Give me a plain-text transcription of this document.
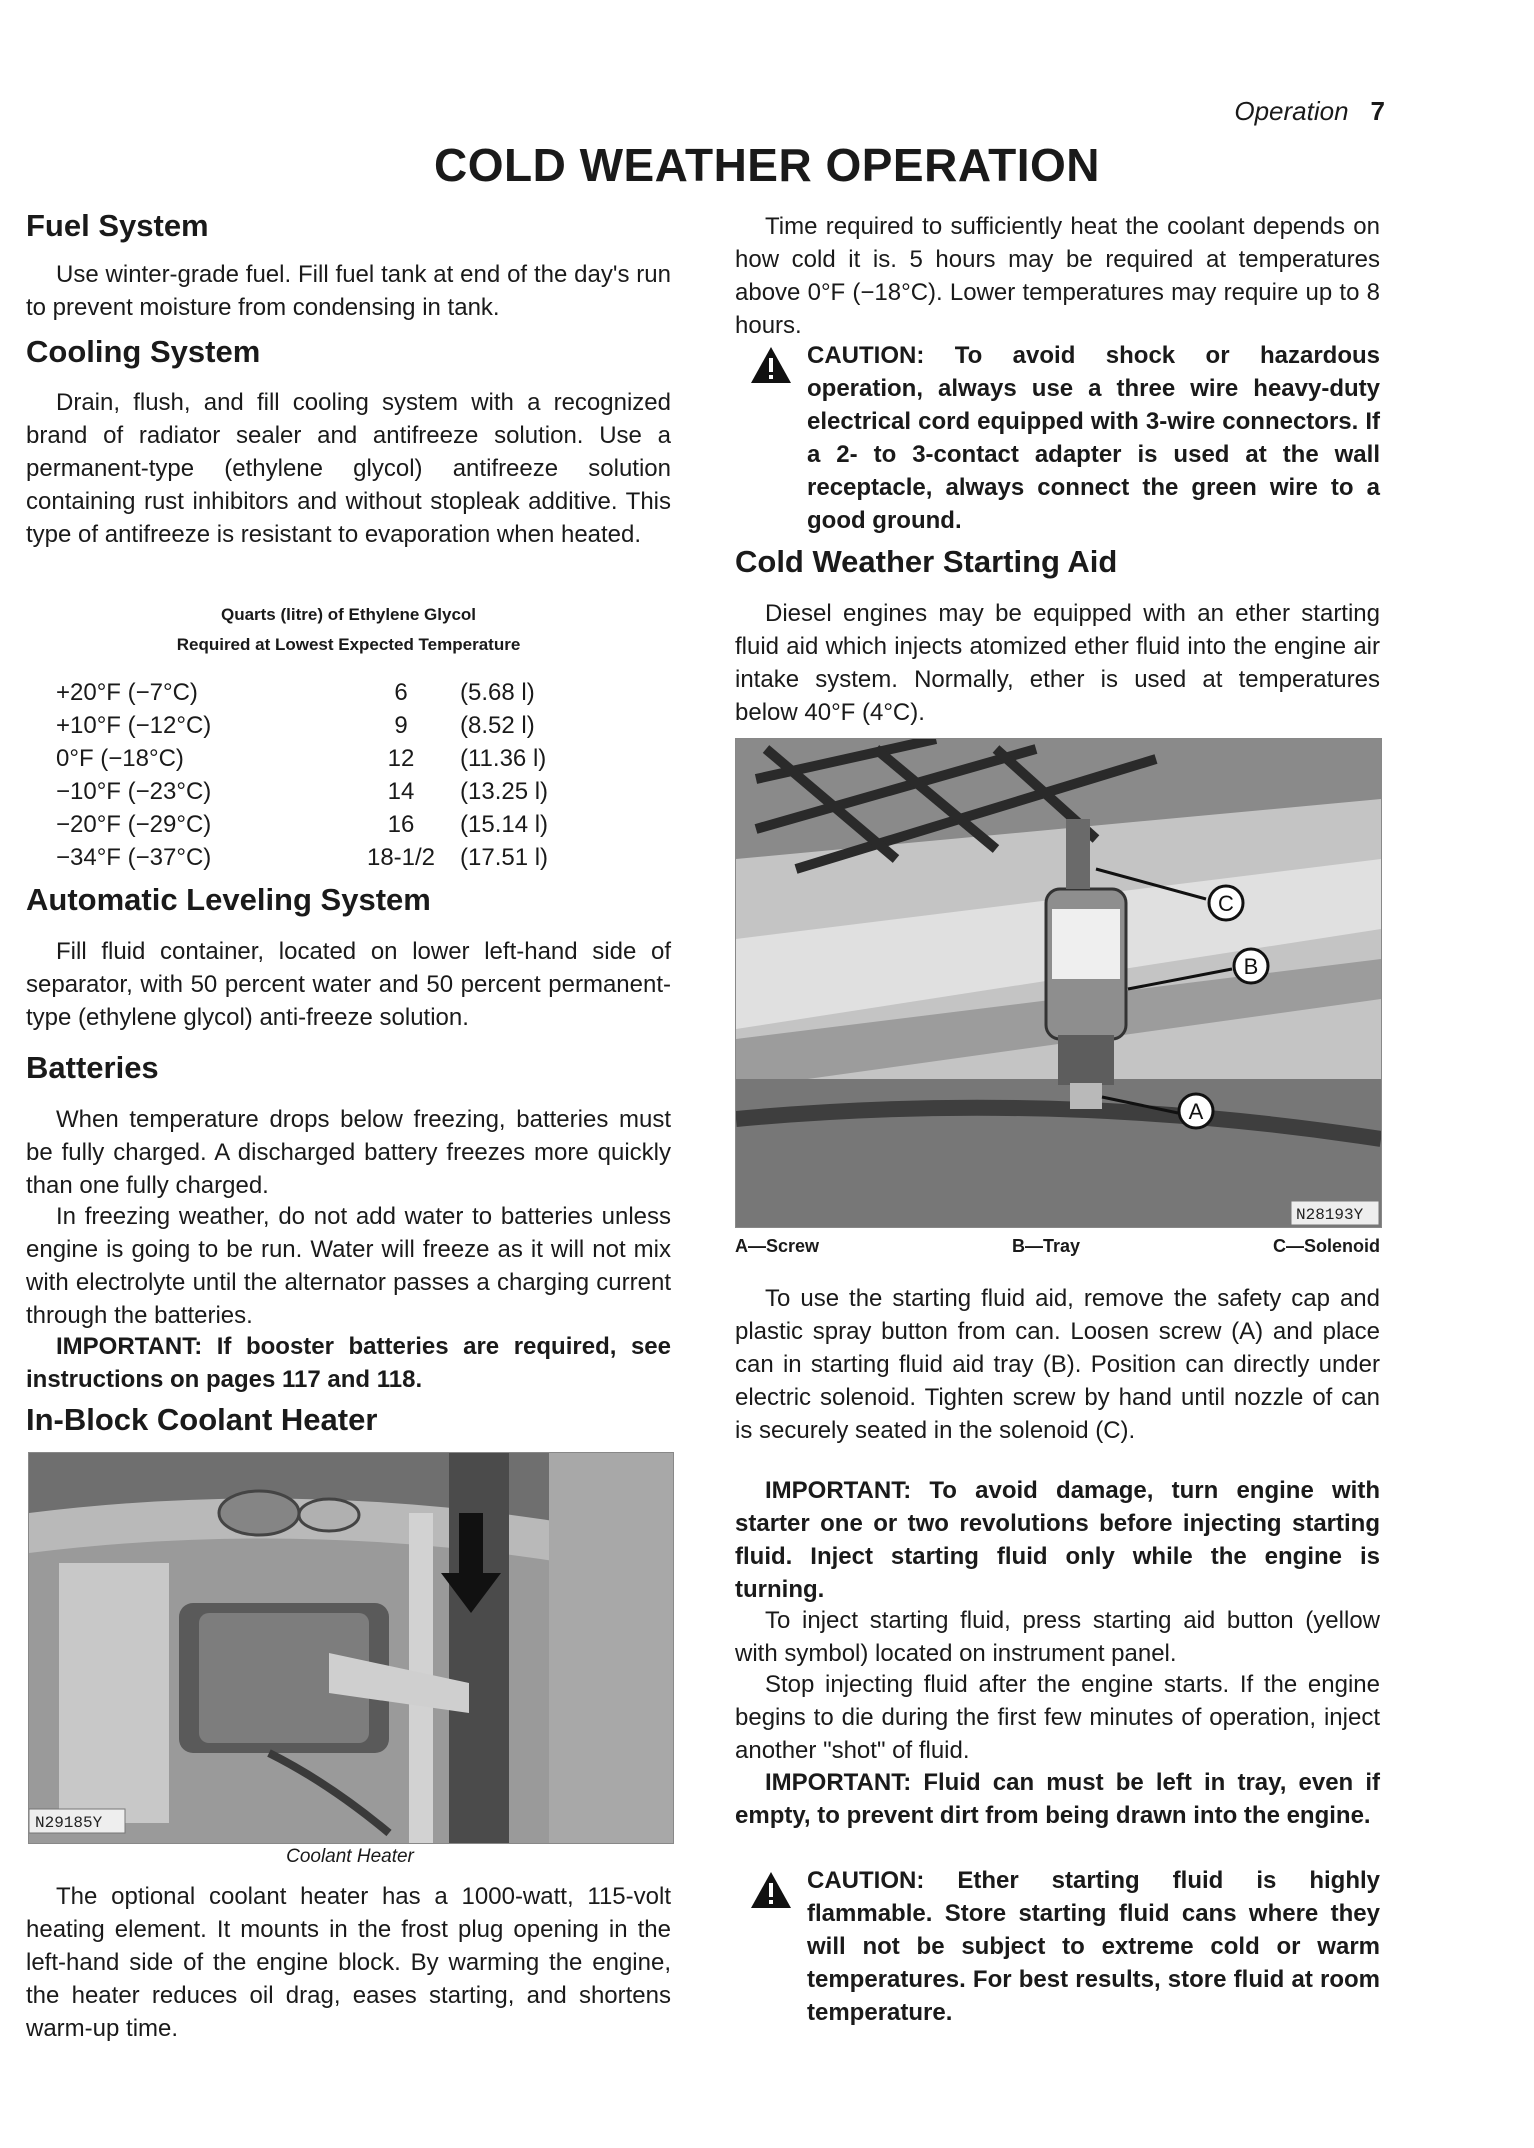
Operation 7
COLD WEATHER OPERATION
Fuel System

Use winter-grade fuel. Fill fuel tank at end of the day's run to prevent moisture from condensing in tank.

Cooling System

Drain, flush, and fill cooling system with a recognized brand of radiator sealer and antifreeze solution. Use a permanent-type (ethylene glycol) antifreeze solution containing rust inhibitors and without stopleak additive. This type of antifreeze is resistant to evaporation when heated.

Quarts (litre) of Ethylene Glycol
Required at Lowest Expected Temperature
+20°F (−7°C)	6	(5.68 l)
+10°F (−12°C)	9	(8.52 l)
0°F (−18°C)	12	(11.36 l)
−10°F (−23°C)	14	(13.25 l)
−20°F (−29°C)	16	(15.14 l)
−34°F (−37°C)	18-1/2	(17.51 l)
Automatic Leveling System

Fill fluid container, located on lower left-hand side of separator, with 50 percent water and 50 percent permanent-type (ethylene glycol) anti-freeze solution.

Batteries

When temperature drops below freezing, batteries must be fully charged. A discharged battery freezes more quickly than one fully charged.

In freezing weather, do not add water to batteries unless engine is going to be run. Water will freeze as it will not mix with electrolyte until the alternator passes a charging current through the batteries.

IMPORTANT: If booster batteries are required, see instructions on pages 117 and 118.

In-Block Coolant Heater
N29185Y
Coolant Heater

The optional coolant heater has a 1000-watt, 115-volt heating element. It mounts in the frost plug opening in the left-hand side of the engine block. By warming the engine, the heater reduces oil drag, eases starting, and shortens warm-up time.

Time required to sufficiently heat the coolant depends on how cold it is. 5 hours may be required at temperatures above 0°F (−18°C). Lower temperatures may require up to 8 hours.

CAUTION: To avoid shock or hazardous operation, always use a three wire heavy-duty electrical cord equipped with 3-wire connectors. If a 2- to 3-contact adapter is used at the wall receptacle, always connect the green wire to a good ground.

Cold Weather Starting Aid

Diesel engines may be equipped with an ether starting fluid aid which injects atomized ether fluid into the engine air intake system. Normally, ether is used at temperatures below 40°F (4°C).

C
B
A
N28193Y
A—Screw	B—Tray	C—Solenoid

To use the starting fluid aid, remove the safety cap and plastic spray button from can. Loosen screw (A) and place can in starting fluid aid tray (B). Position can directly under electric solenoid. Tighten screw by hand until nozzle of can is securely seated in the solenoid (C).

IMPORTANT: To avoid damage, turn engine with starter one or two revolutions before injecting starting fluid. Inject starting fluid only while the engine is turning.

To inject starting fluid, press starting aid button (yellow with symbol) located on instrument panel.

Stop injecting fluid after the engine starts. If the engine begins to die during the first few minutes of operation, inject another "shot" of fluid.

IMPORTANT: Fluid can must be left in tray, even if empty, to prevent dirt from being drawn into the engine.

CAUTION: Ether starting fluid is highly flammable. Store starting fluid cans where they will not be subject to extreme cold or warm temperatures. For best results, store fluid at room temperature.
